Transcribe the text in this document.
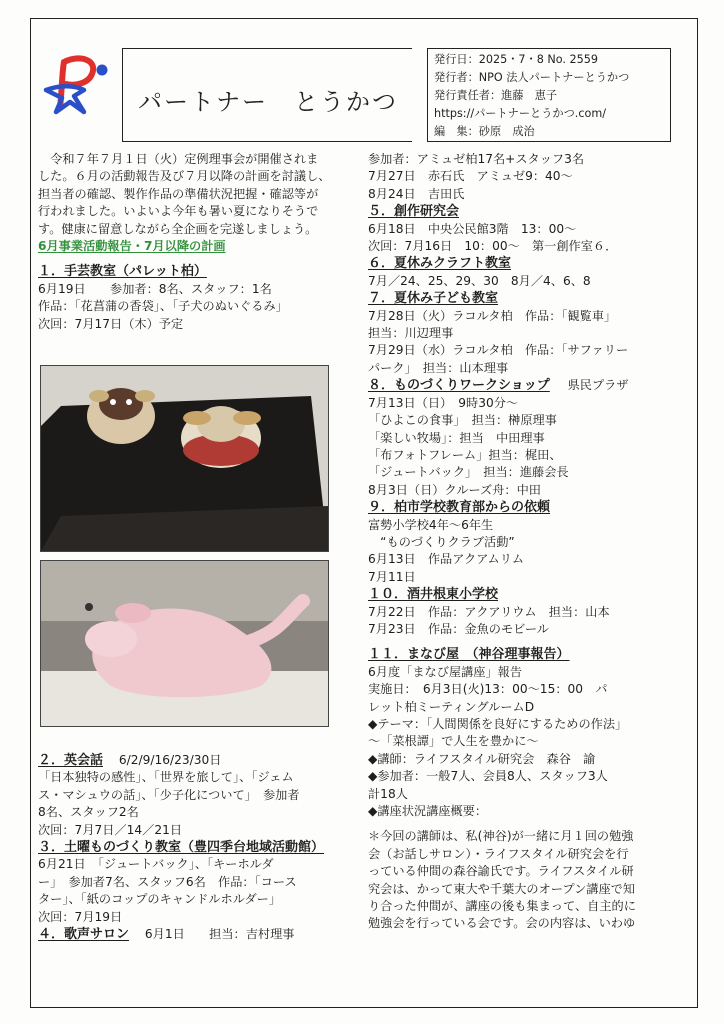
パートナー　とうかつ
発行日：2025・7・8 No. 2559
発行者：NPO 法人パートナーとうかつ
発行責任者：進藤　恵子
https://パートナーとうかつ.com/
編　集：砂原　成治
令和７年７月１日（火）定例理事会が開催されま
した。６月の活動報告及び７月以降の計画を討議し、
担当者の確認、製作作品の準備状況把握・確認等が
行われました。いよいよ今年も暑い夏になりそうで
す。健康に留意しながら全企画を完遂しましょう。
6月事業活動報告・7月以降の計画
１．手芸教室（パレット柏）
6月19日　　参加者：8名、スタッフ：1名
作品：「花菖蒲の香袋」、「子犬のぬいぐるみ」
次回：7月17日（木）予定
２．英会話 6/2/9/16/23/30日
「日本独特の感性」、「世界を旅して」、「ジェム
ス・マシュウの話」、「少子化について」　参加者
8名、スタッフ2名
次回：7月7日／14／21日
３．土曜ものづくり教室（豊四季台地域活動館）
6月21日　「ジュートバック」、「キーホルダ
ー」　参加者7名、スタッフ6名　作品：「コース
ター」、「紙のコップのキャンドルホルダー」
次回：7月19日
４．歌声サロン 6月1日　　担当：吉村理事
参加者：アミュゼ柏17名+スタッフ3名
7月27日　赤石氏　アミュゼ9：40～
8月24日　吉田氏
５．創作研究会
6月18日　中央公民館3階　13：00～
次回：7月16日　10：00～　第一創作室６．
６．夏休みクラフト教室
7月／24、25、29、30　8月／4、6、8
７．夏休み子ども教室
7月28日（火）ラコルタ柏　作品：「観覧車」
担当：川辺理事
7月29日（水）ラコルタ柏　作品：「サファリー
パーク」　担当：山本理事
８．ものづくりワークショップ 県民プラザ
7月13日（日）　9時30分～
「ひよこの食事」　担当：榊原理事
「楽しい牧場」：担当　中田理事
「布フォトフレーム」担当：梶田、
「ジュートバック」　担当：進藤会長
8月3日（日）クルーズ舟：中田
９．柏市学校教育部からの依頼
富勢小学校4年～6年生
　“ものづくりクラブ活動”
6月13日　作品アクアムリム
7月11日
１０．酒井根東小学校
7月22日　作品：アクアリウム　担当：山本
7月23日　作品：金魚のモビール
１１．まなび屋　（神谷理事報告）
6月度「まなび屋講座」報告
実施日：　6月3日(火)13：00～15：00　パ
レット柏ミーティングルームD
◆テーマ：「人間関係を良好にするための作法」
～「菜根譚」で人生を豊かに～
◆講師：ライフスタイル研究会　森谷　諭
◆参加者：一般7人、会員8人、スタッフ3人
計18人
◆講座状況講座概要：
＊今回の講師は、私(神谷)が一緒に月１回の勉強
会（お話しサロン）・ライフスタイル研究会を行
っている仲間の森谷諭氏です。ライフスタイル研
究会は、かって東大や千葉大のオープン講座で知
り合った仲間が、講座の後も集まって、自主的に
勉強会を行っている会です。会の内容は、いわゆ
